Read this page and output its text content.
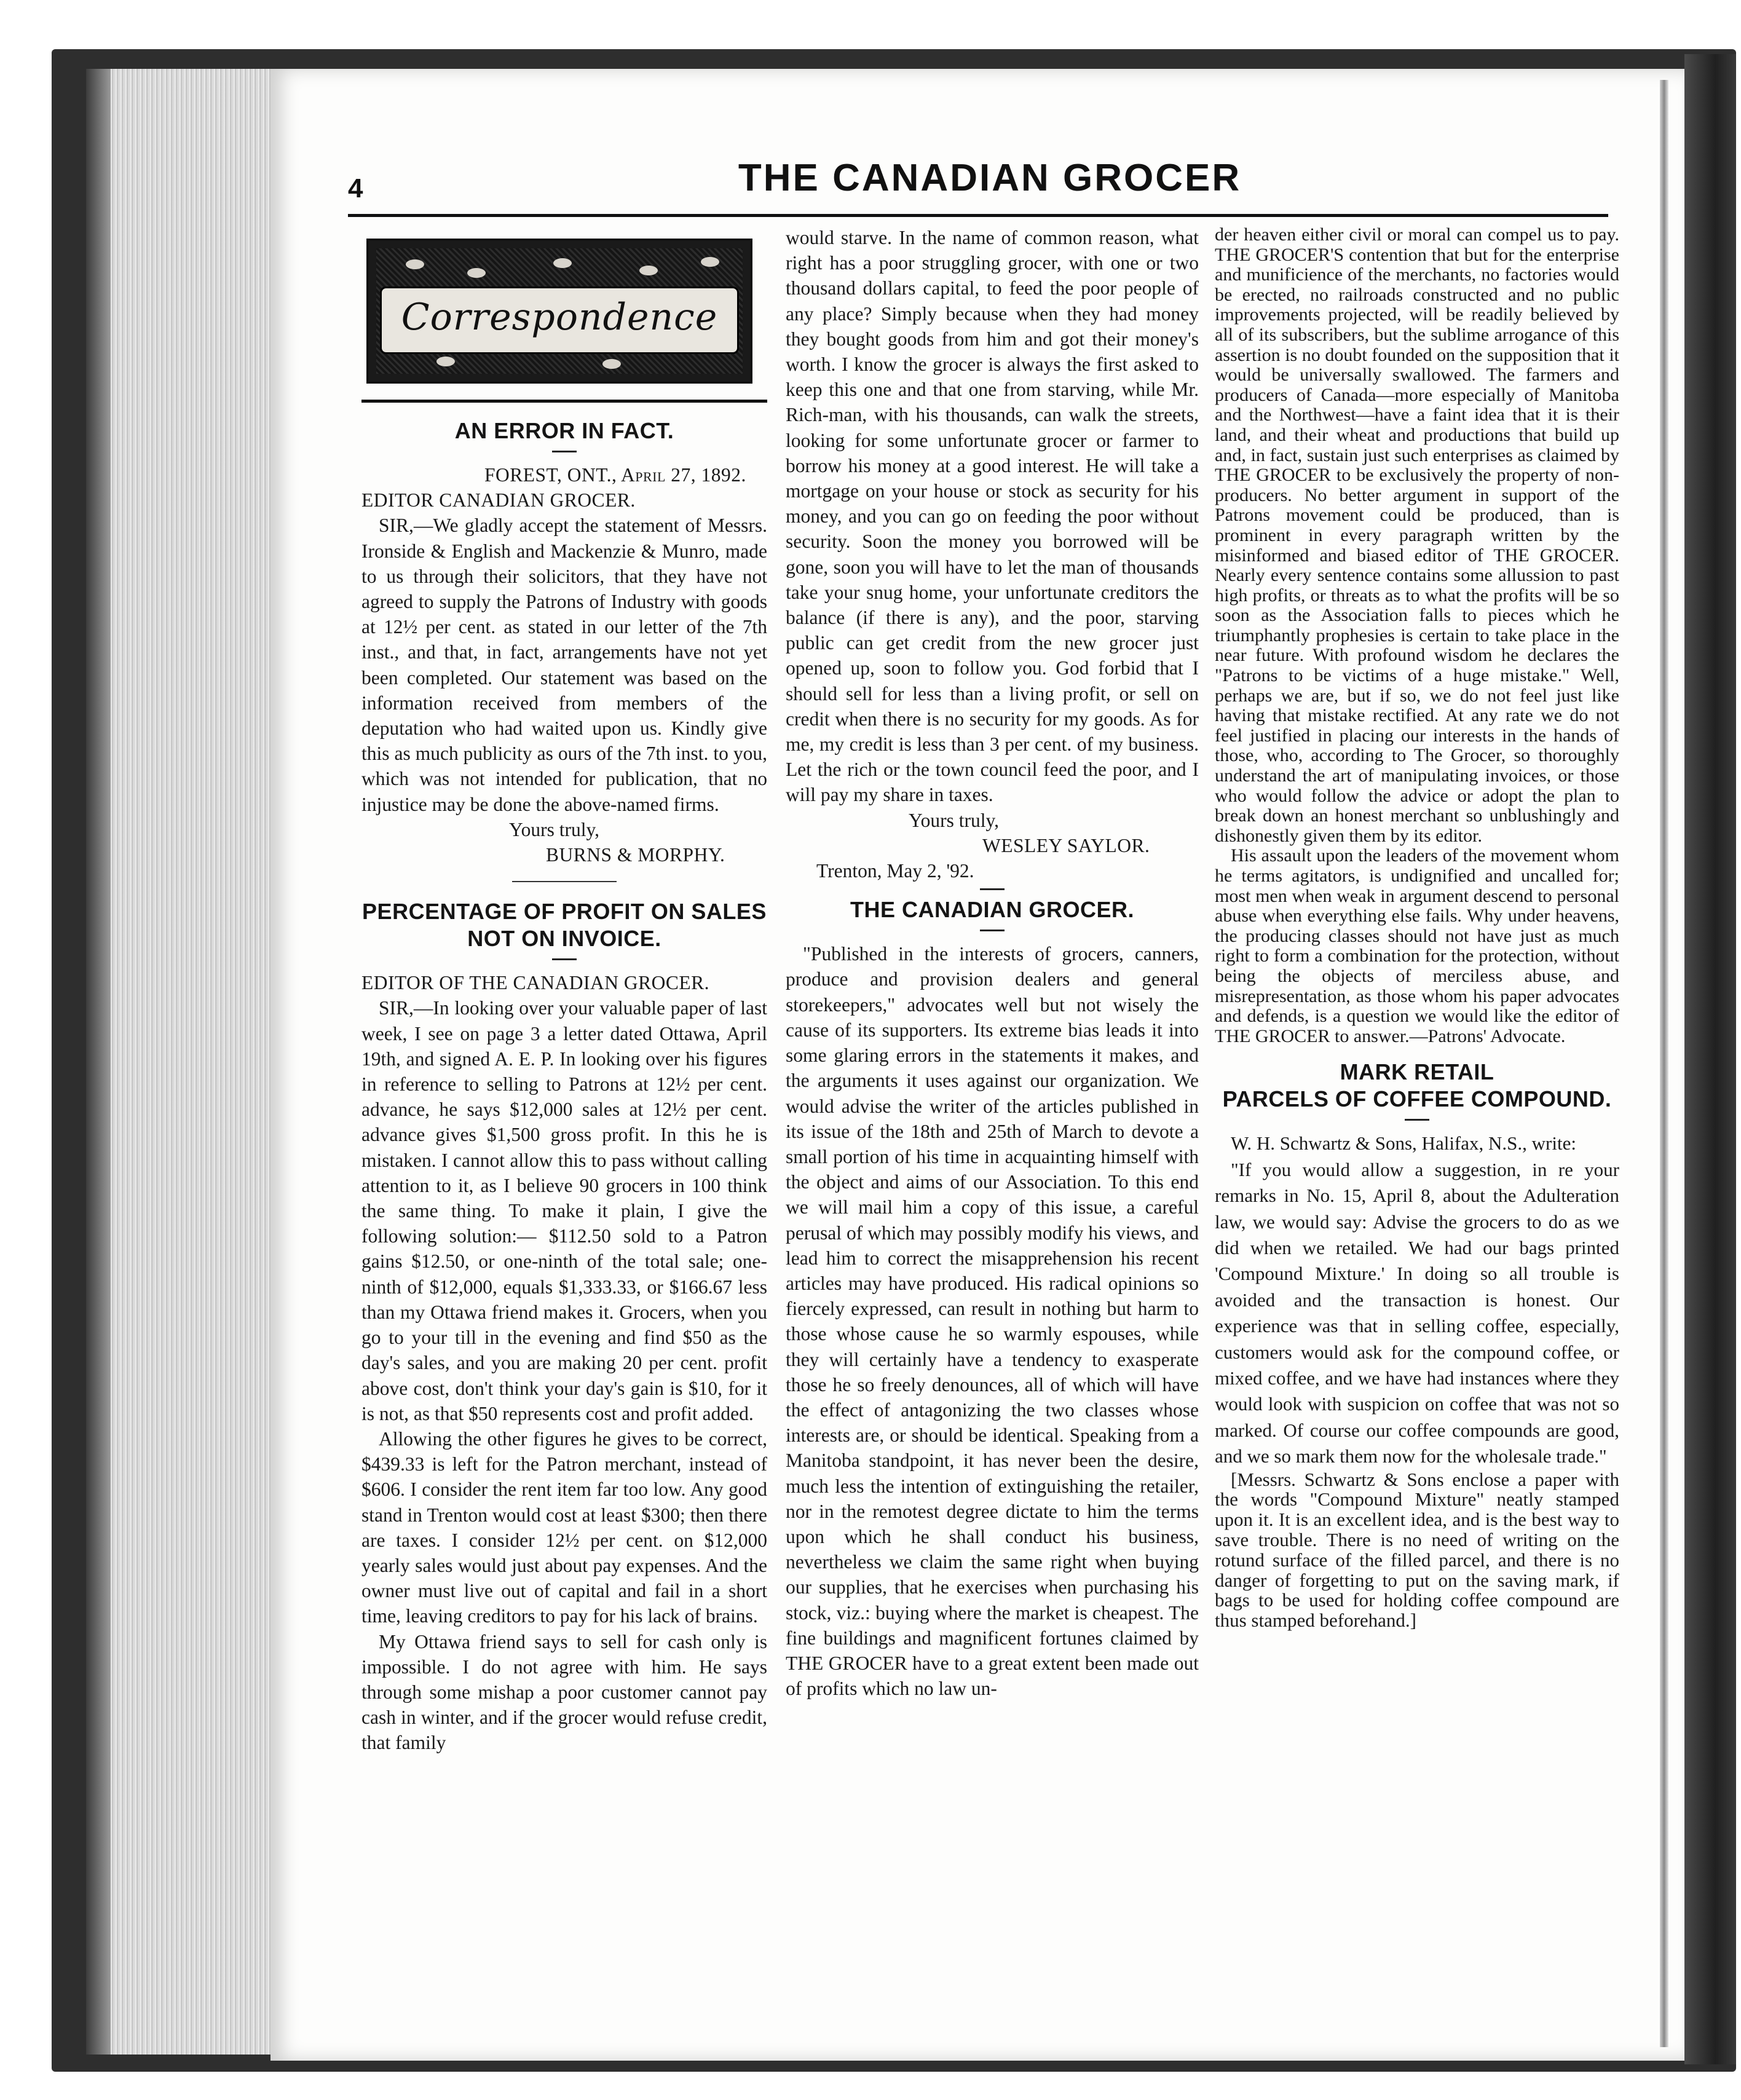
4	THE CANADIAN GROCER
Correspondence
AN ERROR IN FACT.

FOREST, ONT., April 27, 1892.

EDITOR CANADIAN GROCER.

SIR,—We gladly accept the statement of Messrs. Ironside & English and Mackenzie & Munro, made to us through their solicitors, that they have not agreed to supply the Patrons of Industry with goods at 12½ per cent. as stated in our letter of the 7th inst., and that, in fact, arrangements have not yet been completed. Our statement was based on the information received from members of the deputation who had waited upon us. Kindly give this as much publicity as ours of the 7th inst. to you, which was not intended for publication, that no injustice may be done the above-named firms.

Yours truly,

BURNS & MORPHY.

PERCENTAGE OF PROFIT ON SALES
NOT ON INVOICE.

EDITOR OF THE CANADIAN GROCER.

SIR,—In looking over your valuable paper of last week, I see on page 3 a letter dated Ottawa, April 19th, and signed A. E. P. In looking over his figures in reference to selling to Patrons at 12½ per cent. advance, he says $12,000 sales at 12½ per cent. advance gives $1,500 gross profit. In this he is mistaken. I cannot allow this to pass without calling attention to it, as I believe 90 grocers in 100 think the same thing. To make it plain, I give the following solution:— $112.50 sold to a Patron gains $12.50, or one-ninth of the total sale; one-ninth of $12,000, equals $1,333.33, or $166.67 less than my Ottawa friend makes it. Grocers, when you go to your till in the evening and find $50 as the day's sales, and you are making 20 per cent. profit above cost, don't think your day's gain is $10, for it is not, as that $50 represents cost and profit added.

Allowing the other figures he gives to be correct, $439.33 is left for the Patron merchant, instead of $606. I consider the rent item far too low. Any good stand in Trenton would cost at least $300; then there are taxes. I consider 12½ per cent. on $12,000 yearly sales would just about pay expenses. And the owner must live out of capital and fail in a short time, leaving creditors to pay for his lack of brains.

My Ottawa friend says to sell for cash only is impossible. I do not agree with him. He says through some mishap a poor customer cannot pay cash in winter, and if the grocer would refuse credit, that family

would starve. In the name of common reason, what right has a poor struggling grocer, with one or two thousand dollars capital, to feed the poor people of any place? Simply because when they had money they bought goods from him and got their money's worth. I know the grocer is always the first asked to keep this one and that one from starving, while Mr. Rich-man, with his thousands, can walk the streets, looking for some unfortunate grocer or farmer to borrow his money at a good interest. He will take a mortgage on your house or stock as security for his money, and you can go on feeding the poor without security. Soon the money you borrowed will be gone, soon you will have to let the man of thousands take your snug home, your unfortunate creditors the balance (if there is any), and the poor, starving public can get credit from the new grocer just opened up, soon to follow you. God forbid that I should sell for less than a living profit, or sell on credit when there is no security for my goods. As for me, my credit is less than 3 per cent. of my business. Let the rich or the town council feed the poor, and I will pay my share in taxes.

Yours truly,

WESLEY SAYLOR.

Trenton, May 2, '92.

THE CANADIAN GROCER.

"Published in the interests of grocers, canners, produce and provision dealers and general storekeepers," advocates well but not wisely the cause of its supporters. Its extreme bias leads it into some glaring errors in the statements it makes, and the arguments it uses against our organization. We would advise the writer of the articles published in its issue of the 18th and 25th of March to devote a small portion of his time in acquainting himself with the object and aims of our Association. To this end we will mail him a copy of this issue, a careful perusal of which may possibly modify his views, and lead him to correct the misapprehension his recent articles may have produced. His radical opinions so fiercely expressed, can result in nothing but harm to those whose cause he so warmly espouses, while they will certainly have a tendency to exasperate those he so freely denounces, all of which will have the effect of antagonizing the two classes whose interests are, or should be identical. Speaking from a Manitoba standpoint, it has never been the desire, much less the intention of extinguishing the retailer, nor in the remotest degree dictate to him the terms upon which he shall conduct his business, nevertheless we claim the same right when buying our supplies, that he exercises when purchasing his stock, viz.: buying where the market is cheapest. The fine buildings and magnificent fortunes claimed by THE GROCER have to a great extent been made out of profits which no law un-

der heaven either civil or moral can compel us to pay. THE GROCER'S contention that but for the enterprise and munificience of the merchants, no factories would be erected, no railroads constructed and no public improvements projected, will be readily believed by all of its subscribers, but the sublime arrogance of this assertion is no doubt founded on the supposition that it would be universally swallowed. The farmers and producers of Canada—more especially of Manitoba and the Northwest—have a faint idea that it is their land, and their wheat and productions that build up and, in fact, sustain just such enterprises as claimed by THE GROCER to be exclusively the property of non-producers. No better argument in support of the Patrons movement could be produced, than is prominent in every paragraph written by the misinformed and biased editor of THE GROCER. Nearly every sentence contains some allussion to past high profits, or threats as to what the profits will be so soon as the Association falls to pieces which he triumphantly prophesies is certain to take place in the near future. With profound wisdom he declares the "Patrons to be victims of a huge mistake." Well, perhaps we are, but if so, we do not feel just like having that mistake rectified. At any rate we do not feel justified in placing our interests in the hands of those, who, according to The Grocer, so thoroughly understand the art of manipulating invoices, or those who would follow the advice or adopt the plan to break down an honest merchant so unblushingly and dishonestly given them by its editor.

His assault upon the leaders of the movement whom he terms agitators, is undignified and uncalled for; most men when weak in argument descend to personal abuse when everything else fails. Why under heavens, the producing classes should not have just as much right to form a combination for the protection, without being the objects of merciless abuse, and misrepresentation, as those whom his paper advocates and defends, is a question we would like the editor of THE GROCER to answer.—Patrons' Advocate.

MARK RETAIL
PARCELS OF COFFEE COMPOUND.

W. H. Schwartz & Sons, Halifax, N.S., write:

"If you would allow a suggestion, in re your remarks in No. 15, April 8, about the Adulteration law, we would say: Advise the grocers to do as we did when we retailed. We had our bags printed 'Compound Mixture.' In doing so all trouble is avoided and the transaction is honest. Our experience was that in selling coffee, especially, customers would ask for the compound coffee, or mixed coffee, and we have had instances where they would look with suspicion on coffee that was not so marked. Of course our coffee compounds are good, and we so mark them now for the wholesale trade."

[Messrs. Schwartz & Sons enclose a paper with the words "Compound Mixture" neatly stamped upon it. It is an excellent idea, and is the best way to save trouble. There is no need of writing on the rotund surface of the filled parcel, and there is no danger of forgetting to put on the saving mark, if bags to be used for holding coffee compound are thus stamped beforehand.]
